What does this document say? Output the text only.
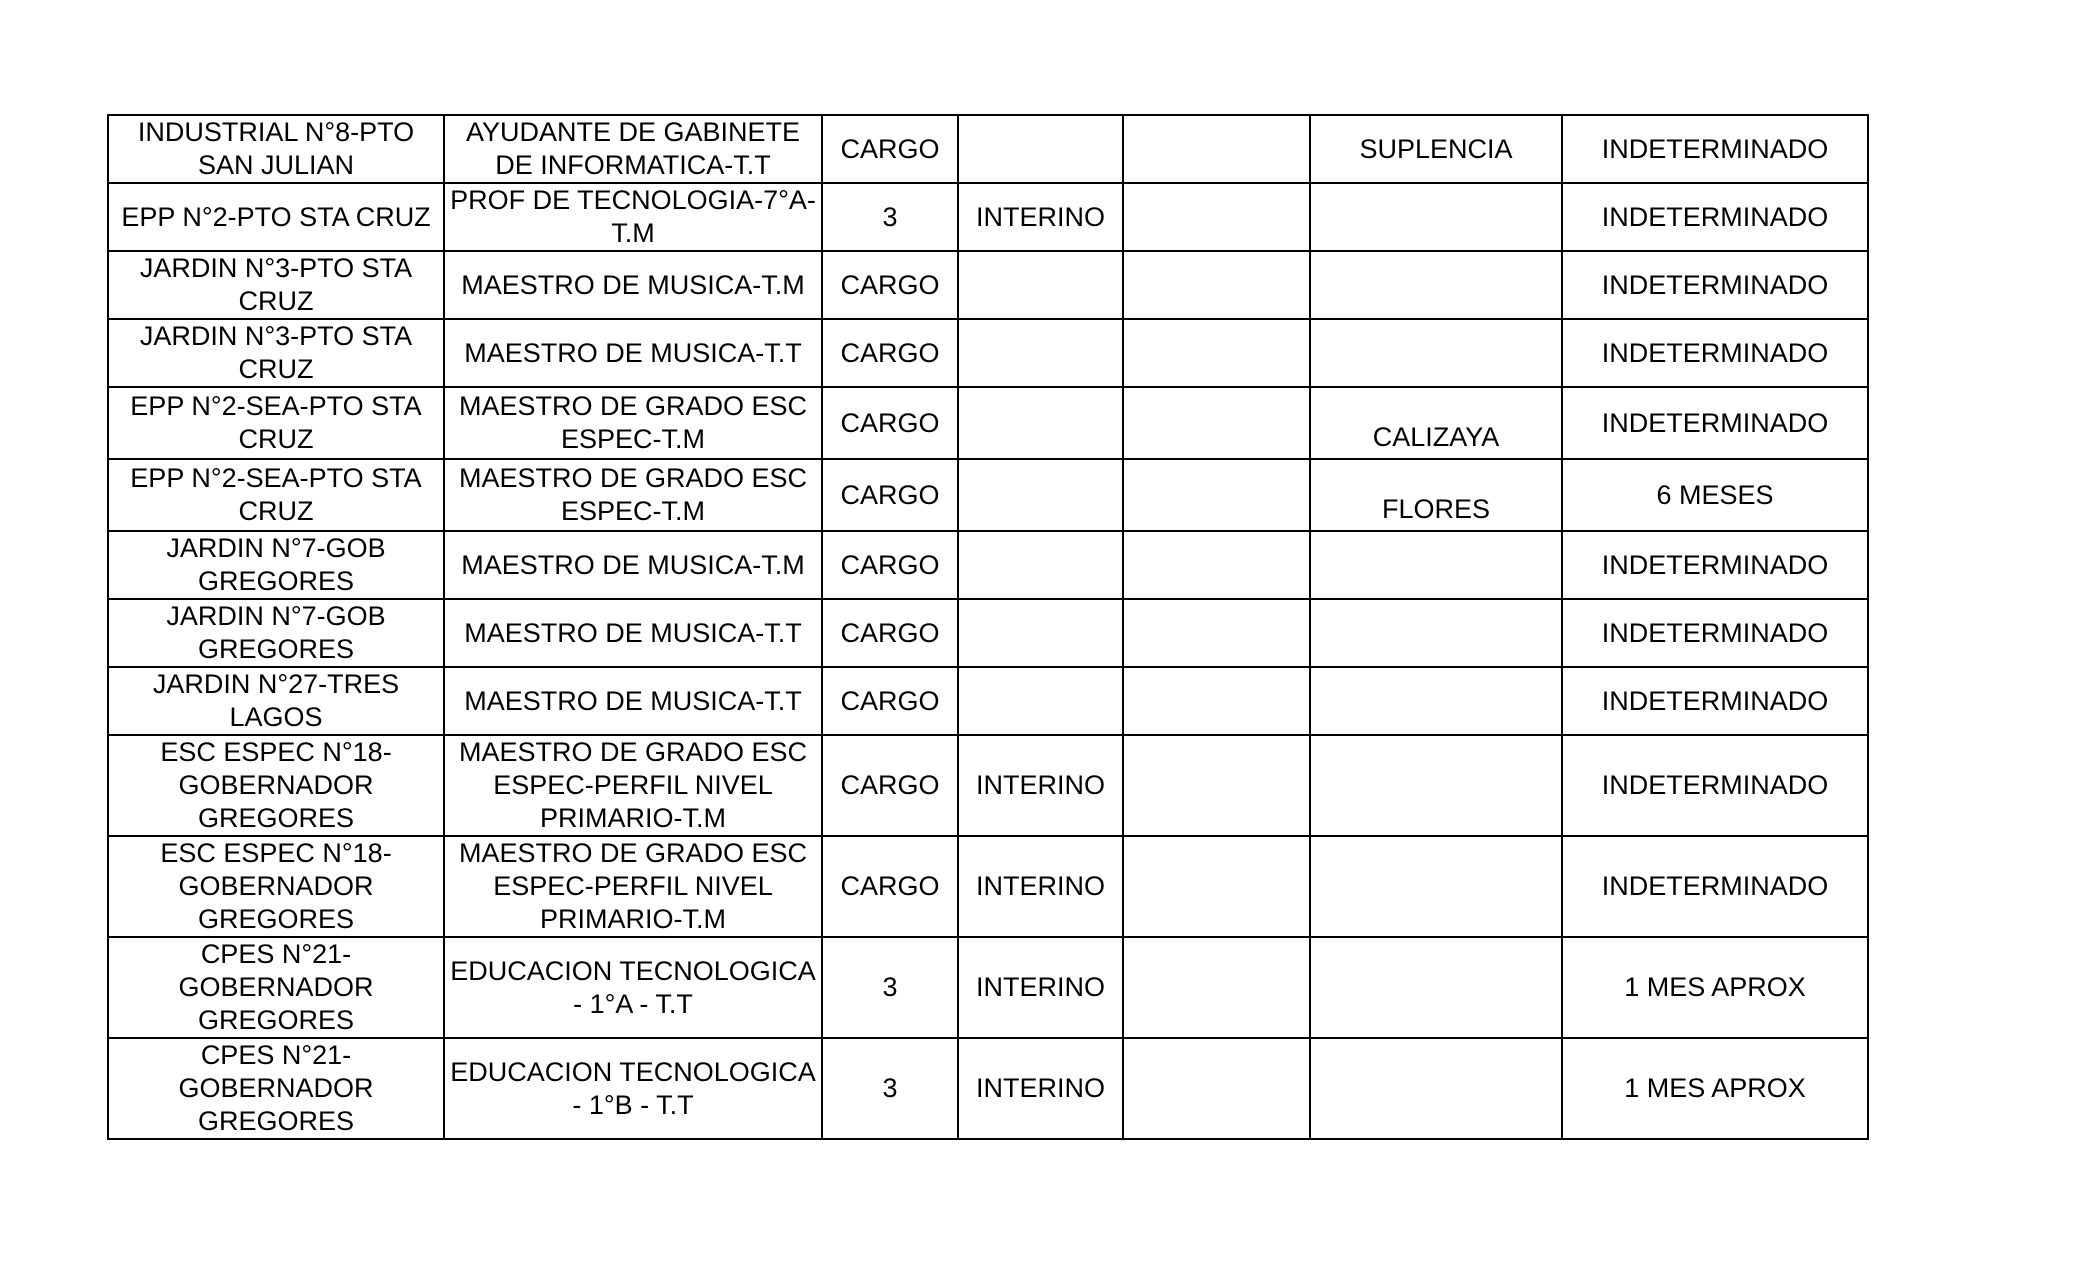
INDUSTRIAL N°8-PTO SAN JULIAN	AYUDANTE DE GABINETE DE INFORMATICA-T.T	CARGO			SUPLENCIA	INDETERMINADO
EPP N°2-PTO STA CRUZ	PROF DE TECNOLOGIA-7°A-T.M	3	INTERINO			INDETERMINADO
JARDIN N°3-PTO STA CRUZ	MAESTRO DE MUSICA-T.M	CARGO				INDETERMINADO
JARDIN N°3-PTO STA CRUZ	MAESTRO DE MUSICA-T.T	CARGO				INDETERMINADO
EPP N°2-SEA-PTO STA CRUZ	MAESTRO DE GRADO ESC ESPEC-T.M	CARGO			CALIZAYA	INDETERMINADO
EPP N°2-SEA-PTO STA CRUZ	MAESTRO DE GRADO ESC ESPEC-T.M	CARGO			FLORES	6 MESES
JARDIN N°7-GOB GREGORES	MAESTRO DE MUSICA-T.M	CARGO				INDETERMINADO
JARDIN N°7-GOB GREGORES	MAESTRO DE MUSICA-T.T	CARGO				INDETERMINADO
JARDIN N°27-TRES LAGOS	MAESTRO DE MUSICA-T.T	CARGO				INDETERMINADO
ESC ESPEC N°18-GOBERNADOR GREGORES	MAESTRO DE GRADO ESC ESPEC-PERFIL NIVEL PRIMARIO-T.M	CARGO	INTERINO			INDETERMINADO
ESC ESPEC N°18-GOBERNADOR GREGORES	MAESTRO DE GRADO ESC ESPEC-PERFIL NIVEL PRIMARIO-T.M	CARGO	INTERINO			INDETERMINADO
CPES N°21-GOBERNADOR GREGORES	EDUCACION TECNOLOGICA - 1°A - T.T	3	INTERINO			1 MES APROX
CPES N°21-GOBERNADOR GREGORES	EDUCACION TECNOLOGICA - 1°B - T.T	3	INTERINO			1 MES APROX
